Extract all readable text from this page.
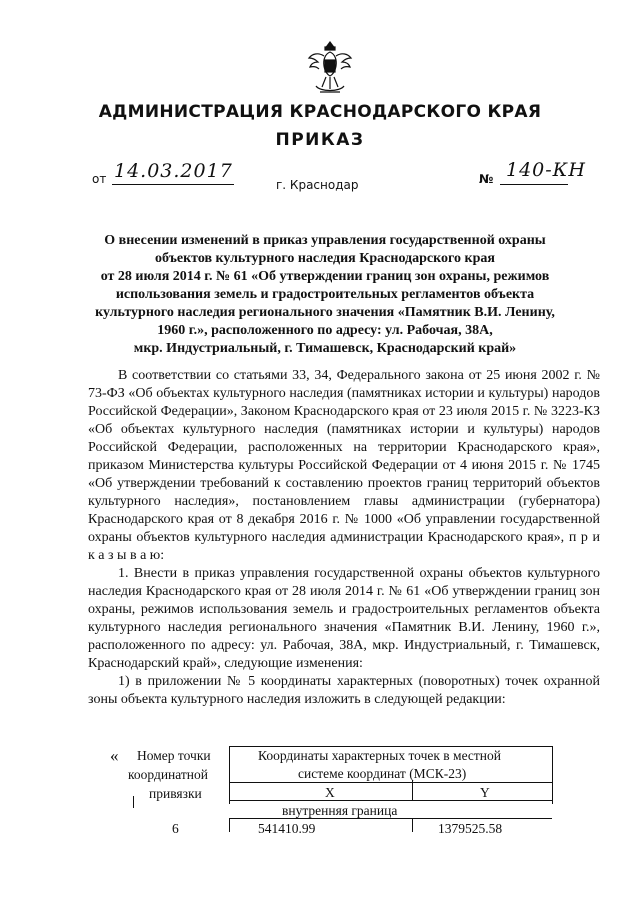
АДМИНИСТРАЦИЯ КРАСНОДАРСКОГО КРАЯ
ПРИКАЗ
от 14.03.2017	№ 140-КН
г. Краснодар
О внесении изменений в приказ управления государственной охраны
объектов культурного наследия Краснодарского края
от 28 июля 2014 г. № 61 «Об утверждении границ зон охраны, режимов
использования земель и градостроительных регламентов объекта
культурного наследия регионального значения «Памятник В.И. Ленину,
1960 г.», расположенного по адресу: ул. Рабочая, 38А,
мкр. Индустриальный, г. Тимашевск, Краснодарский край»

В соответствии со статьями 33, 34, Федерального закона от 25 июня 2002 г. № 73-ФЗ «Об объектах культурного наследия (памятниках истории и культуры) народов Российской Федерации», Законом Краснодарского края от 23 июля 2015 г. № 3223-КЗ «Об объектах культурного наследия (памятниках истории и культуры) народов Российской Федерации, расположенных на территории Краснодарского края», приказом Министерства культуры Российской Федерации от 4 июня 2015 г. № 1745 «Об утверждении требований к составлению проектов границ территорий объектов культурного наследия», постановлением главы администрации (губернатора) Краснодарского края от 8 декабря 2016 г. № 1000 «Об управлении государственной охраны объектов культурного наследия администрации Краснодарского края», п р и к а з ы в а ю:

1. Внести в приказ управления государственной охраны объектов культурного наследия Краснодарского края от 28 июля 2014 г. № 61 «Об утверждении границ зон охраны, режимов использования земель и градостроительных регламентов объекта культурного наследия регионального значения «Памятник В.И. Ленину, 1960 г.», расположенного по адресу: ул. Рабочая, 38А, мкр. Индустриальный, г. Тимашевск, Краснодарский край», следующие изменения:

1) в приложении № 5 координаты характерных (поворотных) точек охранной зоны объекта культурного наследия изложить в следующей редакции:

« Номер точки
координатной
привязки
Координаты характерных точек в местной
системе координат (МСК-23)
X	Y
внутренняя граница
6	541410.99	1379525.58
